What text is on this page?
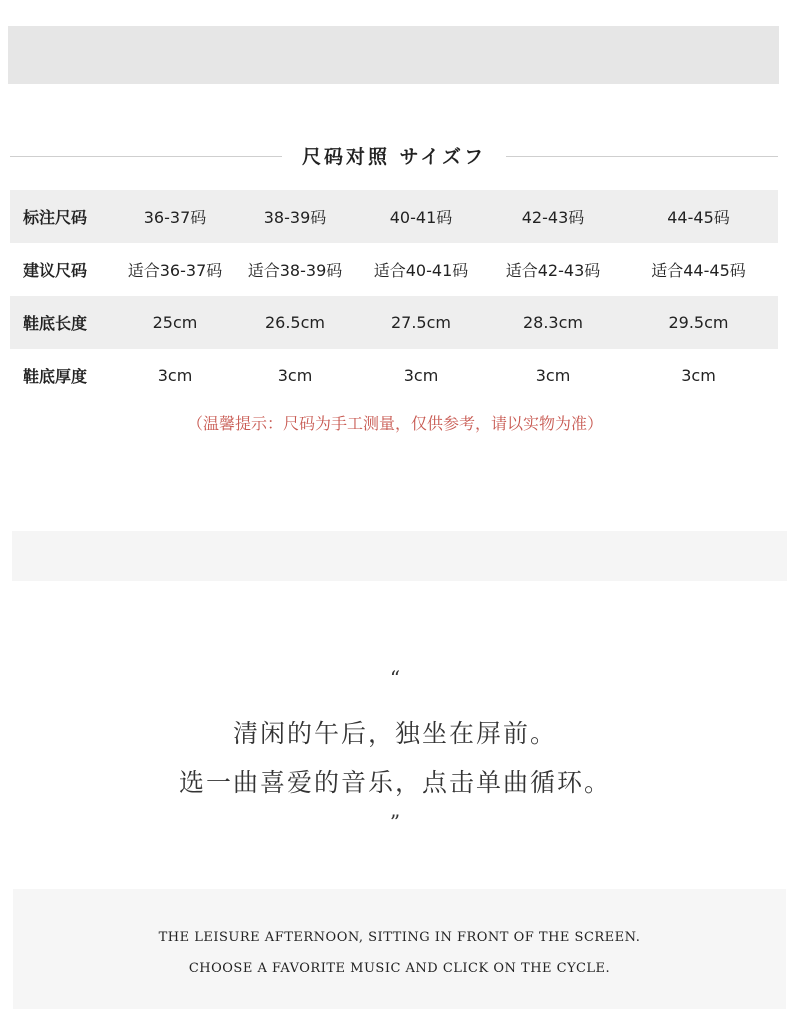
尺码对照 サイズフ
标注尺码	36-37码	38-39码	40-41码	42-43码	44-45码
建议尺码	适合36-37码	适合38-39码	适合40-41码	适合42-43码	适合44-45码
鞋底长度	25cm	26.5cm	27.5cm	28.3cm	29.5cm
鞋底厚度	3cm	3cm	3cm	3cm	3cm
（温馨提示：尺码为手工测量，仅供参考，请以实物为准）
“
清闲的午后，独坐在屏前。
选一曲喜爱的音乐，点击单曲循环。
”
THE LEISURE AFTERNOON, SITTING IN FRONT OF THE SCREEN.
CHOOSE A FAVORITE MUSIC AND CLICK ON THE CYCLE.
